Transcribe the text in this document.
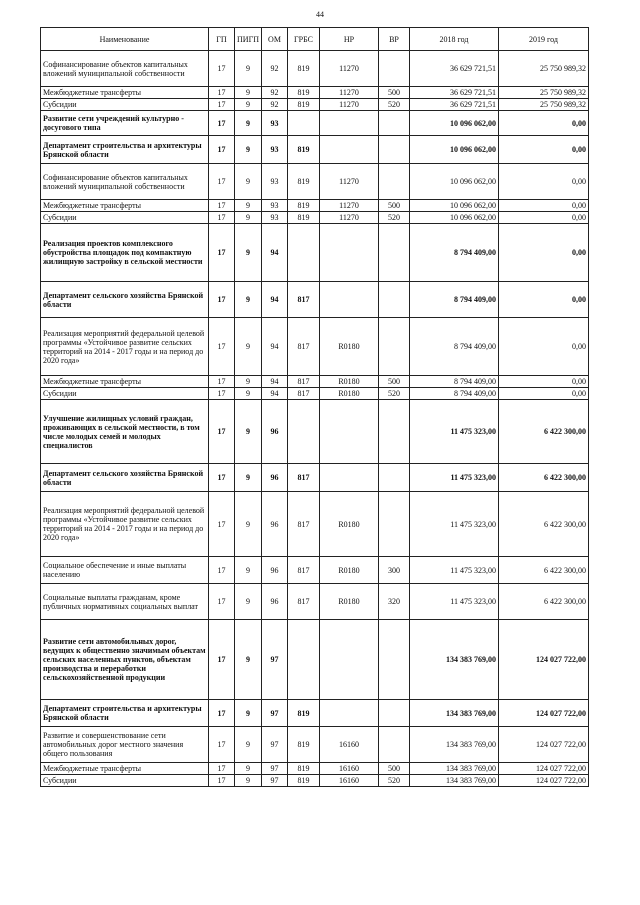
44
Наименование	ГП	ПИГП	ОМ	ГРБС	НР	ВР	2018 год	2019 год
Софинансирование объектов капитальных вложений муниципальной собственности	17	9	92	819	11270		36 629 721,51	25 750 989,32
Межбюджетные трансферты	17	9	92	819	11270	500	36 629 721,51	25 750 989,32
Субсидии	17	9	92	819	11270	520	36 629 721,51	25 750 989,32
Развитие сети учреждений культурно - досугового типа	17	9	93				10 096 062,00	0,00
Департамент строительства и архитектуры Брянской области	17	9	93	819			10 096 062,00	0,00
Софинансирование объектов капитальных вложений муниципальной собственности	17	9	93	819	11270		10 096 062,00	0,00
Межбюджетные трансферты	17	9	93	819	11270	500	10 096 062,00	0,00
Субсидии	17	9	93	819	11270	520	10 096 062,00	0,00
Реализация проектов комплексного обустройства площадок под компактную жилищную застройку в сельской местности	17	9	94				8 794 409,00	0,00
Департамент сельского хозяйства Брянской области	17	9	94	817			8 794 409,00	0,00
Реализация мероприятий федеральной целевой программы «Устойчивое развитие сельских территорий на 2014 - 2017 годы и на период до 2020 года»	17	9	94	817	R0180		8 794 409,00	0,00
Межбюджетные трансферты	17	9	94	817	R0180	500	8 794 409,00	0,00
Субсидии	17	9	94	817	R0180	520	8 794 409,00	0,00
Улучшение жилищных условий граждан, проживающих в сельской местности, в том числе молодых семей и молодых специалистов	17	9	96				11 475 323,00	6 422 300,00
Департамент сельского хозяйства Брянской области	17	9	96	817			11 475 323,00	6 422 300,00
Реализация мероприятий федеральной целевой программы «Устойчивое развитие сельских территорий на 2014 - 2017 годы и на период до 2020 года»	17	9	96	817	R0180		11 475 323,00	6 422 300,00
Социальное обеспечение и иные выплаты населению	17	9	96	817	R0180	300	11 475 323,00	6 422 300,00
Социальные выплаты гражданам, кроме публичных нормативных социальных выплат	17	9	96	817	R0180	320	11 475 323,00	6 422 300,00
Развитие сети автомобильных дорог, ведущих к общественно значимым объектам сельских населенных пунктов, объектам производства и переработки сельскохозяйственной продукции	17	9	97				134 383 769,00	124 027 722,00
Департамент строительства и архитектуры Брянской области	17	9	97	819			134 383 769,00	124 027 722,00
Развитие и совершенствование сети автомобильных дорог местного значения общего пользования	17	9	97	819	16160		134 383 769,00	124 027 722,00
Межбюджетные трансферты	17	9	97	819	16160	500	134 383 769,00	124 027 722,00
Субсидии	17	9	97	819	16160	520	134 383 769,00	124 027 722,00
